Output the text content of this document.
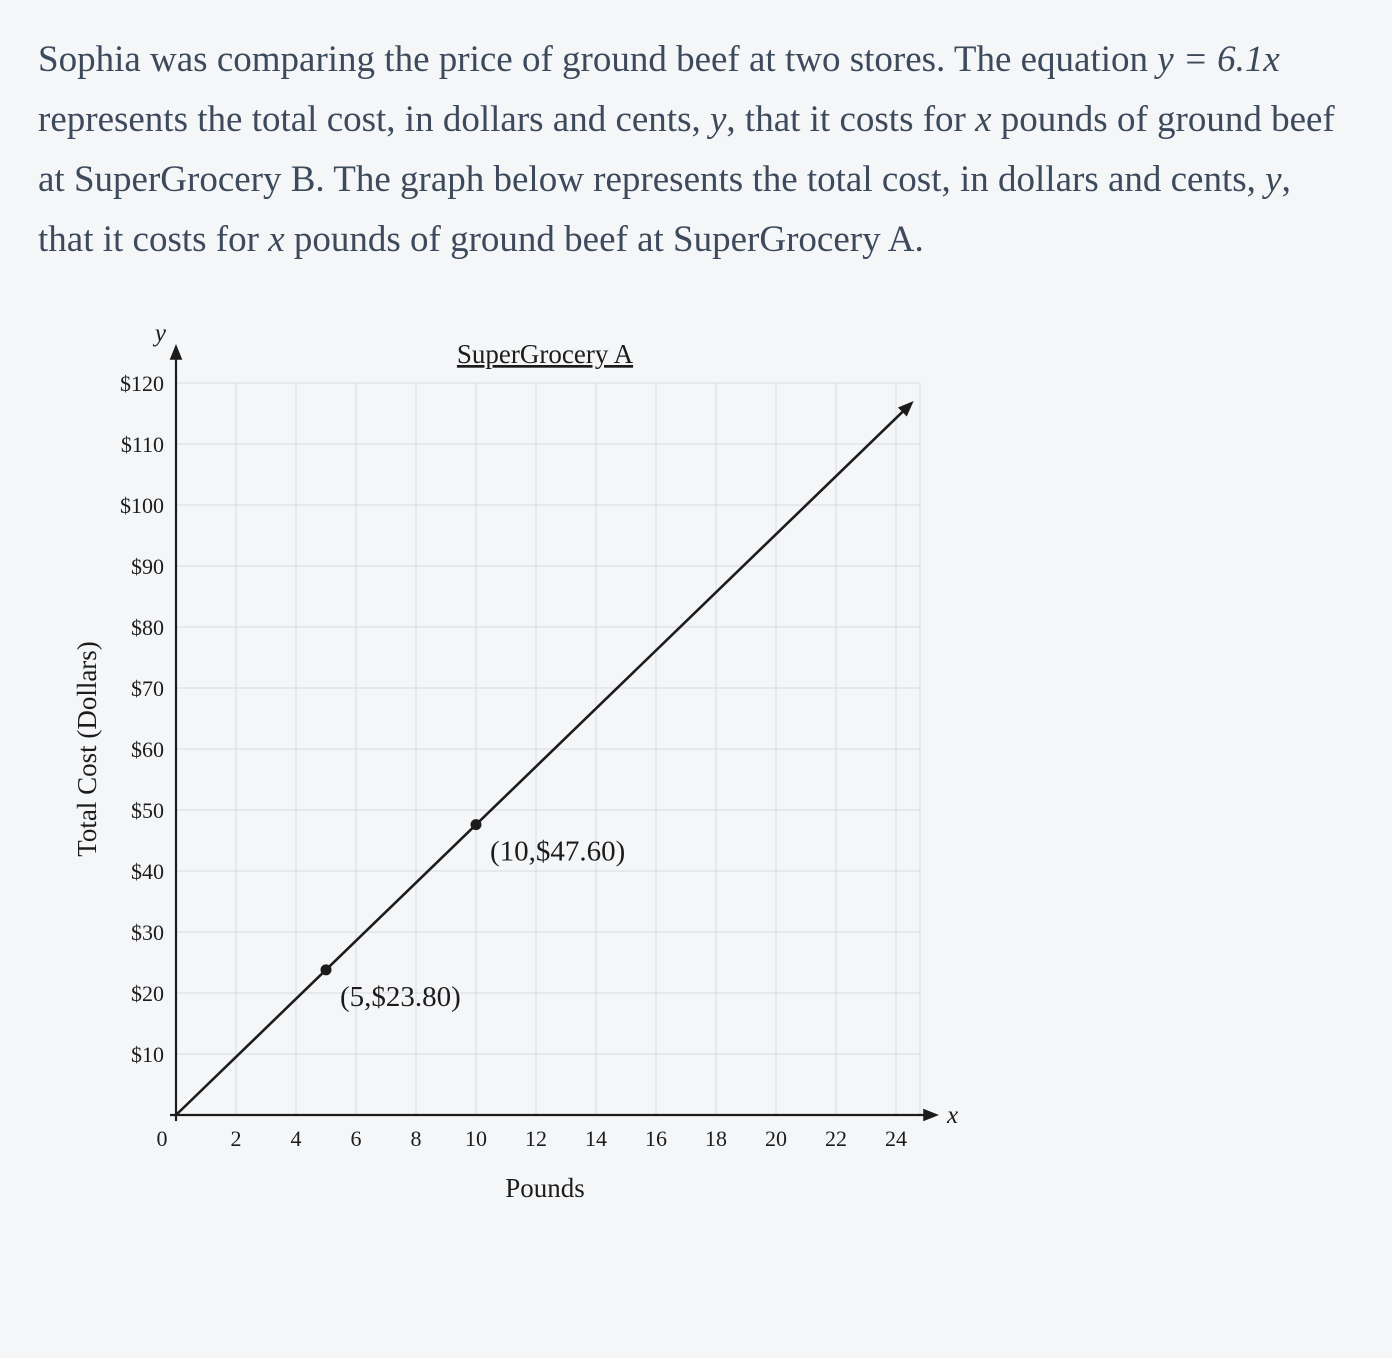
Sophia was comparing the price of ground beef at two stores. The equation y = 6.1x represents the total cost, in dollars and cents, y, that it costs for x pounds of ground beef at SuperGrocery B. The graph below represents the total cost, in dollars and cents, y, that it costs for x pounds of ground beef at SuperGrocery A.

y
x
(5,$23.80)
(10,$47.60)
$10
$20
$30
$40
$50
$60
$70
$80
$90
$100
$110
$120
2 4 6 8 10 12 14 16 18 20 22 24
0
SuperGrocery A
Pounds
Total Cost (Dollars)
